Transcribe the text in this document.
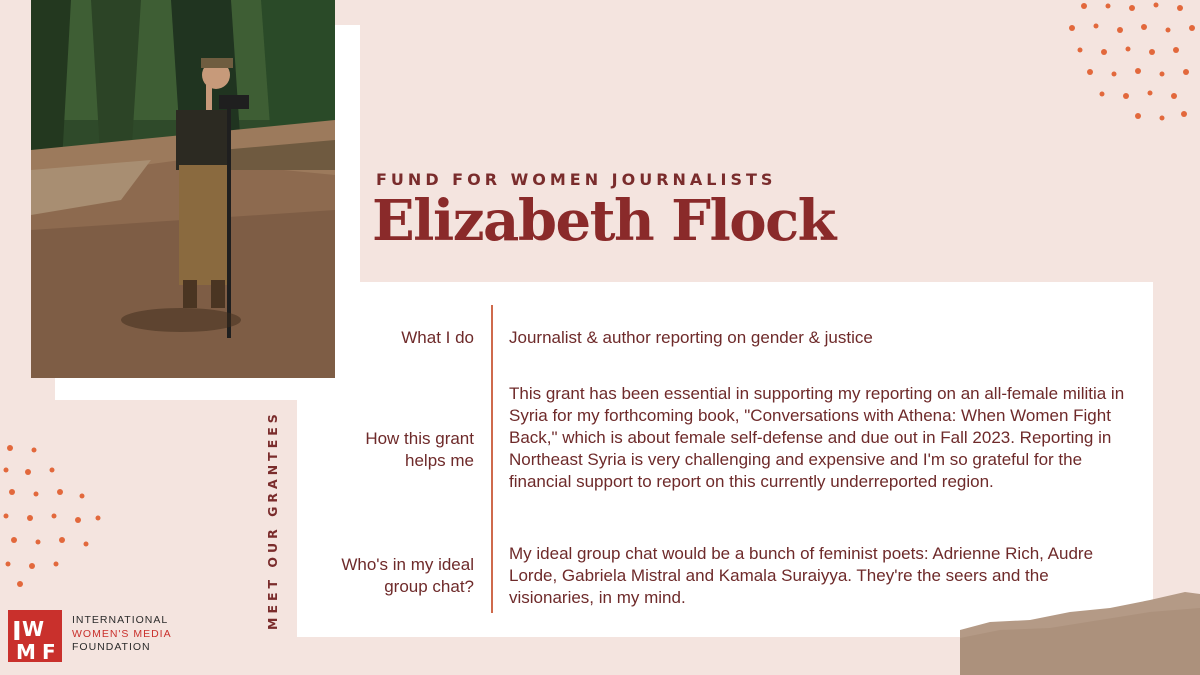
FUND FOR WOMEN JOURNALISTS
Elizabeth Flock
What I do Journalist & author reporting on gender & justice
How this grant
helps me
This grant has been essential in supporting my reporting on an all-female militia in Syria for my forthcoming book, "Conversations with Athena: When Women Fight Back," which is about female self-defense and due out in Fall 2023. Reporting in Northeast Syria is very challenging and expensive and I'm so grateful for the financial support to report on this currently underreported region.
Who's in my ideal
group chat?
My ideal group chat would be a bunch of feminist poets: Adrienne Rich, Audre Lorde, Gabriela Mistral and Kamala Suraiyya. They're the seers and the visionaries, in my mind.
MEET OUR GRANTEES
I W
M F
INTERNATIONAL
WOMEN'S MEDIA
FOUNDATION
